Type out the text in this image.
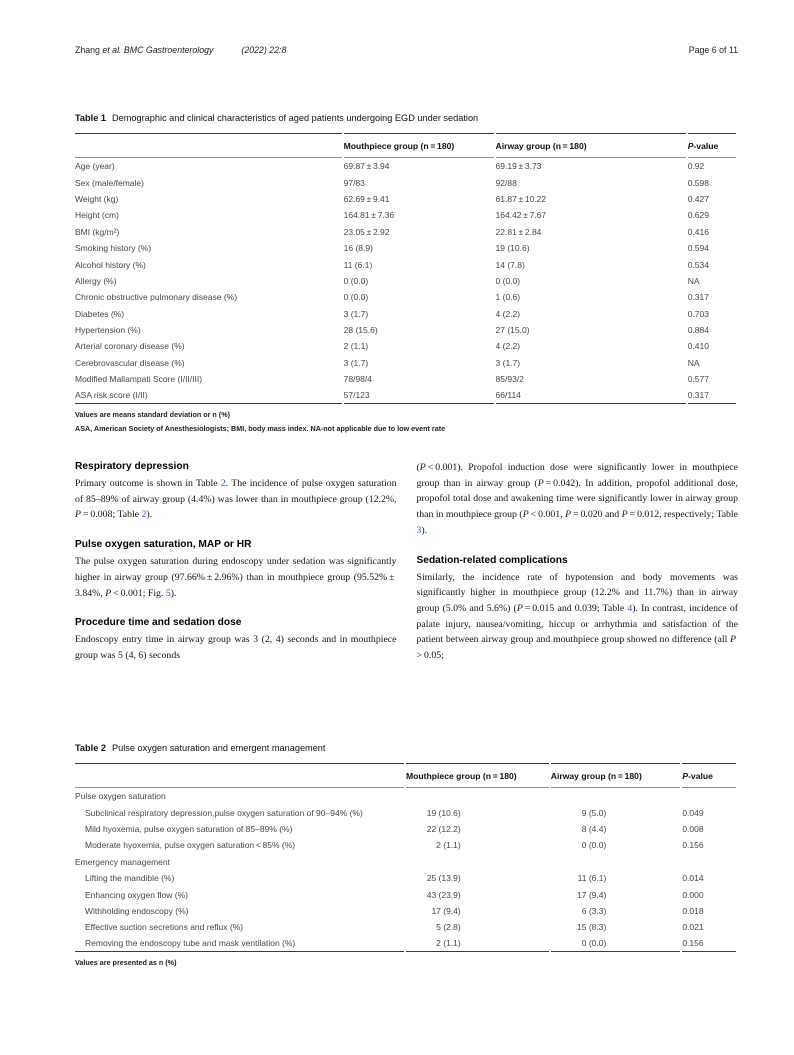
Zhang et al. BMC Gastroenterology	(2022) 22:8	Page 6 of 11
Table 1 Demographic and clinical characteristics of aged patients undergoing EGD under sedation
	Mouthpiece group (n = 180)	Airway group (n = 180)	P-value
Age (year)	69.87 ± 3.94	69.19 ± 3.73	0.92
Sex (male/female)	97/83	92/88	0.598
Weight (kg)	62.69 ± 9.41	61.87 ± 10.22	0.427
Height (cm)	164.81 ± 7.36	164.42 ± 7.67	0.629
BMI (kg/m²)	23.05 ± 2.92	22.81 ± 2.84	0.416
Smoking history (%)	16 (8.9)	19 (10.6)	0.594
Alcohol history (%)	11 (6.1)	14 (7.8)	0.534
Allergy (%)	0 (0.0)	0 (0.0)	NA
Chronic obstructive pulmonary disease (%)	0 (0.0)	1 (0.6)	0.317
Diabetes (%)	3 (1.7)	4 (2.2)	0.703
Hypertension (%)	28 (15.6)	27 (15.0)	0.884
Arterial coronary disease (%)	2 (1.1)	4 (2.2)	0.410
Cerebrovascular disease (%)	3 (1.7)	3 (1.7)	NA
Modified Mallampati Score (I/II/III)	78/98/4	85/93/2	0.577
ASA risk score (I/II)	57/123	66/114	0.317
Values are means standard deviation or n (%)
ASA, American Society of Anesthesiologists; BMI, body mass index. NA-not applicable due to low event rate
Respiratory depression

Primary outcome is shown in Table 2. The incidence of pulse oxygen saturation of 85–89% of airway group (4.4%) was lower than in mouthpiece group (12.2%, P = 0.008; Table 2).

Pulse oxygen saturation, MAP or HR

The pulse oxygen saturation during endoscopy under sedation was significantly higher in airway group (97.66% ± 2.96%) than in mouthpiece group (95.52% ± 3.84%, P < 0.001; Fig. 5).

Procedure time and sedation dose

Endoscopy entry time in airway group was 3 (2, 4) seconds and in mouthpiece group was 5 (4, 6) seconds

(P < 0.001). Propofol induction dose were significantly lower in mouthpiece group than in airway group (P = 0.042). In addition, propofol additional dose, propofol total dose and awakening time were significantly lower in airway group than in mouthpiece group (P < 0.001, P = 0.020 and P = 0.012, respectively; Table 3).

Sedation-related complications

Similarly, the incidence rate of hypotension and body movements was significantly higher in mouthpiece group (12.2% and 11.7%) than in airway group (5.0% and 5.6%) (P = 0.015 and 0.039; Table 4). In contrast, incidence of palate injury, nausea/vomiting, hiccup or arrhythmia and satisfaction of the patient between airway group and mouthpiece group showed no difference (all P > 0.05;

Table 2 Pulse oxygen saturation and emergent management
	Mouthpiece group (n = 180)	Airway group (n = 180)	P-value
Pulse oxygen saturation			
Subclinical respiratory depression,pulse oxygen saturation of 90–94% (%)	19 (10.6)	9 (5.0)	0.049
Mild hyoxemia, pulse oxygen saturation of 85–89% (%)	22 (12.2)	8 (4.4)	0.008
Moderate hyoxemia, pulse oxygen saturation < 85% (%)	2 (1.1)	0 (0.0)	0.156
Emergency management			
Lifting the mandible (%)	25 (13.9)	11 (6.1)	0.014
Enhancing oxygen flow (%)	43 (23.9)	17 (9.4)	0.000
Withholding endoscopy (%)	17 (9.4)	6 (3.3)	0.018
Effective suction secretions and reflux (%)	5 (2.8)	15 (8.3)	0.021
Removing the endoscopy tube and mask ventilation (%)	2 (1.1)	0 (0.0)	0.156
Values are presented as n (%)
